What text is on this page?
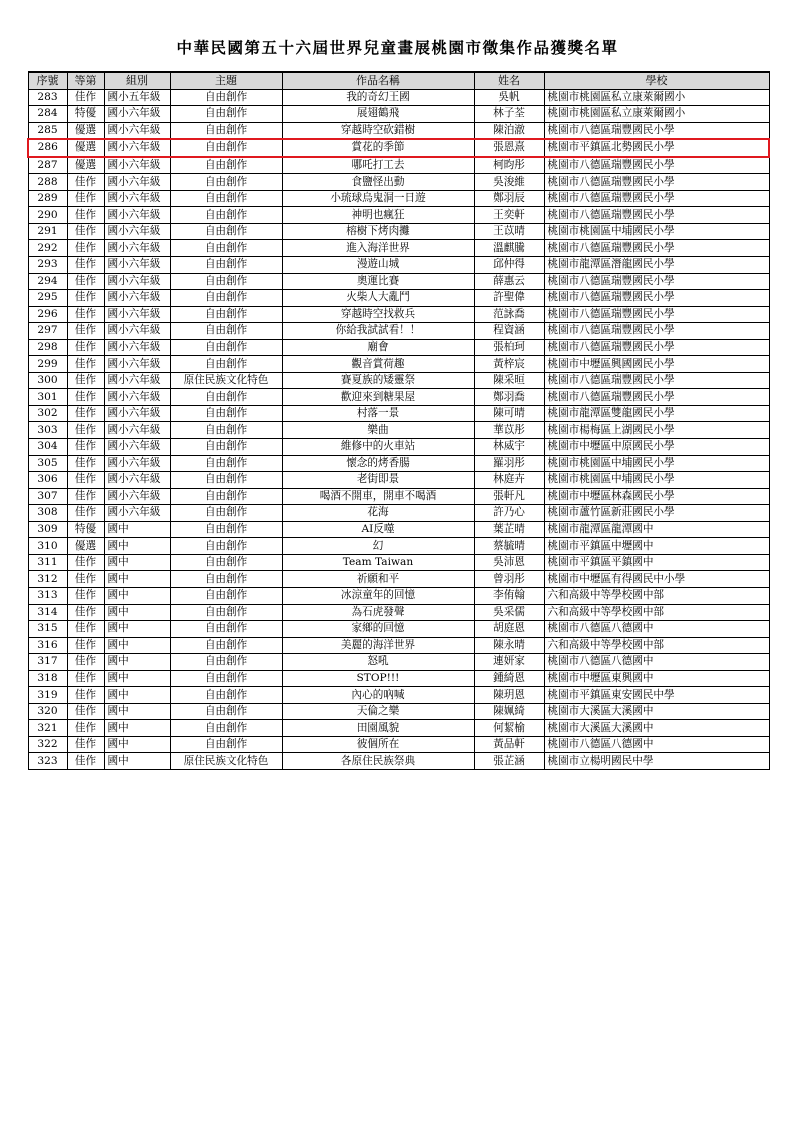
中華民國第五十六屆世界兒童畫展桃園市徵集作品獲獎名單
序號	等第	組別	主題	作品名稱	姓名	學校
283	佳作	國小五年級	自由創作	我的奇幻王國	吳帆	桃園市桃園區私立康萊爾國小
284	特優	國小六年級	自由創作	展翅鶴飛	林子荃	桃園市桃園區私立康萊爾國小
285	優選	國小六年級	自由創作	穿越時空砍錯樹	陳泊澈	桃園市八德區瑞豐國民小學
286	優選	國小六年級	自由創作	賞花的季節	張恩熹	桃園市平鎮區北勢國民小學
287	優選	國小六年級	自由創作	哪吒打工去	柯昀彤	桃園市八德區瑞豐國民小學
288	佳作	國小六年級	自由創作	食鹽怪出動	吳浚維	桃園市八德區瑞豐國民小學
289	佳作	國小六年級	自由創作	小琉球烏鬼洞一日遊	鄭羽辰	桃園市八德區瑞豐國民小學
290	佳作	國小六年級	自由創作	神明也瘋狂	王奕軒	桃園市八德區瑞豐國民小學
291	佳作	國小六年級	自由創作	榕樹下烤肉攤	王苡晴	桃園市桃園區中埔國民小學
292	佳作	國小六年級	自由創作	進入海洋世界	溫麒騰	桃園市八德區瑞豐國民小學
293	佳作	國小六年級	自由創作	漫遊山城	邱仲得	桃園市龍潭區潛龍國民小學
294	佳作	國小六年級	自由創作	奧運比賽	薛惠云	桃園市八德區瑞豐國民小學
295	佳作	國小六年級	自由創作	火柴人大亂鬥	許聖偉	桃園市八德區瑞豐國民小學
296	佳作	國小六年級	自由創作	穿越時空找救兵	范詠喬	桃園市八德區瑞豐國民小學
297	佳作	國小六年級	自由創作	你給我試試看！！	程資涵	桃園市八德區瑞豐國民小學
298	佳作	國小六年級	自由創作	廟會	張柏珂	桃園市八德區瑞豐國民小學
299	佳作	國小六年級	自由創作	觀音賞荷趣	黃梓宸	桃園市中壢區興國國民小學
300	佳作	國小六年級	原住民族文化特色	賽夏族的矮靈祭	陳采晅	桃園市八德區瑞豐國民小學
301	佳作	國小六年級	自由創作	歡迎來到糖果屋	鄭羽喬	桃園市八德區瑞豐國民小學
302	佳作	國小六年級	自由創作	村落一景	陳可晴	桃園市龍潭區雙龍國民小學
303	佳作	國小六年級	自由創作	樂曲	華苡彤	桃園市楊梅區上湖國民小學
304	佳作	國小六年級	自由創作	維修中的火車站	林威宇	桃園市中壢區中原國民小學
305	佳作	國小六年級	自由創作	懷念的烤香腸	羅羽彤	桃園市桃園區中埔國民小學
306	佳作	國小六年級	自由創作	老街即景	林庭卉	桃園市桃園區中埔國民小學
307	佳作	國小六年級	自由創作	喝酒不開車，開車不喝酒	張軒凡	桃園市中壢區林森國民小學
308	佳作	國小六年級	自由創作	花海	許乃心	桃園市蘆竹區新莊國民小學
309	特優	國中	自由創作	AI反噬	葉芷晴	桃園市龍潭區龍潭國中
310	優選	國中	自由創作	幻	蔡毓晴	桃園市平鎮區中壢國中
311	佳作	國中	自由創作	Team Taiwan	吳沛恩	桃園市平鎮區平鎮國中
312	佳作	國中	自由創作	祈願和平	曾羽彤	桃園市中壢區有得國民中小學
313	佳作	國中	自由創作	冰涼童年的回憶	李侑翰	六和高級中等學校國中部
314	佳作	國中	自由創作	為石虎發聲	吳采儒	六和高級中等學校國中部
315	佳作	國中	自由創作	家鄉的回憶	胡庭恩	桃園市八德區八德國中
316	佳作	國中	自由創作	美麗的海洋世界	陳永晴	六和高級中等學校國中部
317	佳作	國中	自由創作	怒吼	連妍家	桃園市八德區八德國中
318	佳作	國中	自由創作	STOP!!!	鍾綺恩	桃園市中壢區東興國中
319	佳作	國中	自由創作	內心的吶喊	陳玥恩	桃園市平鎮區東安國民中學
320	佳作	國中	自由創作	天倫之樂	陳姵綺	桃園市大溪區大溪國中
321	佳作	國中	自由創作	田園風貌	何絜榆	桃園市大溪區大溪國中
322	佳作	國中	自由創作	彼個所在	黃品軒	桃園市八德區八德國中
323	佳作	國中	原住民族文化特色	各原住民族祭典	張芷涵	桃園市立楊明國民中學
